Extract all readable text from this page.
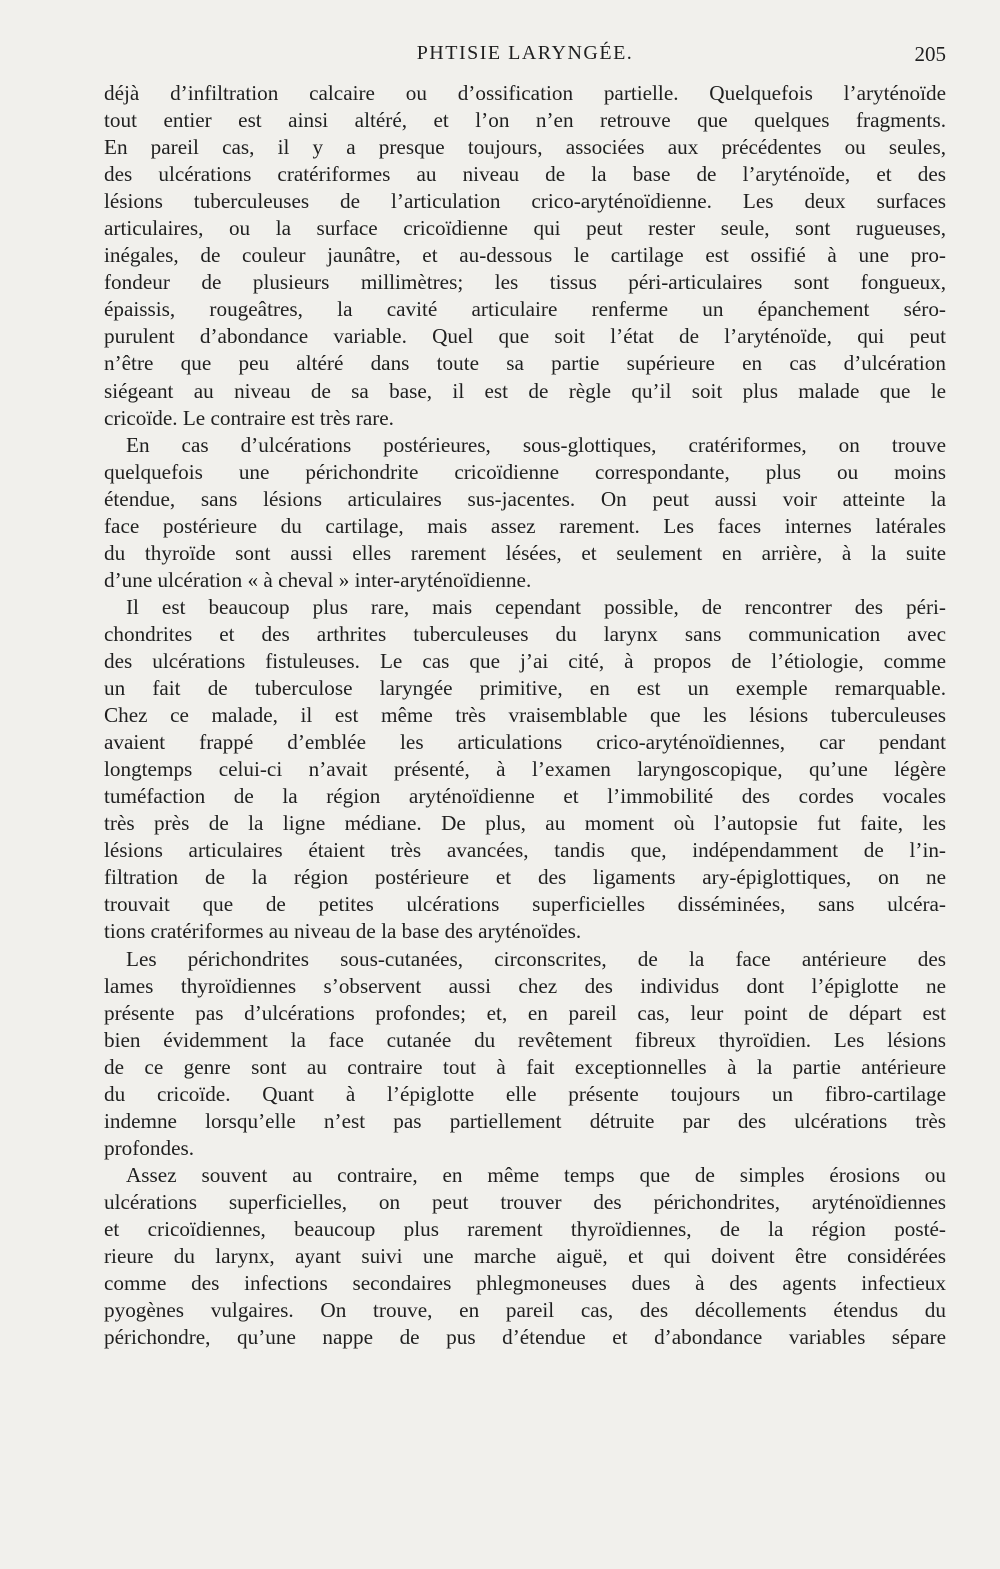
PHTISIE LARYNGÉE.	205
déjà d’infiltration calcaire ou d’ossification partielle. Quelquefois l’aryténoïde
tout entier est ainsi altéré, et l’on n’en retrouve que quelques fragments.
En pareil cas, il y a presque toujours, associées aux précédentes ou seules,
des ulcérations cratériformes au niveau de la base de l’aryténoïde, et des
lésions tuberculeuses de l’articulation crico-aryténoïdienne. Les deux surfaces
articulaires, ou la surface cricoïdienne qui peut rester seule, sont rugueuses,
inégales, de couleur jaunâtre, et au-dessous le cartilage est ossifié à une pro-
fondeur de plusieurs millimètres; les tissus péri-articulaires sont fongueux,
épaissis, rougeâtres, la cavité articulaire renferme un épanchement séro-
purulent d’abondance variable. Quel que soit l’état de l’aryténoïde, qui peut
n’être que peu altéré dans toute sa partie supérieure en cas d’ulcération
siégeant au niveau de sa base, il est de règle qu’il soit plus malade que le
cricoïde. Le contraire est très rare.
En cas d’ulcérations postérieures, sous-glottiques, cratériformes, on trouve
quelquefois une périchondrite cricoïdienne correspondante, plus ou moins
étendue, sans lésions articulaires sus-jacentes. On peut aussi voir atteinte la
face postérieure du cartilage, mais assez rarement. Les faces internes latérales
du thyroïde sont aussi elles rarement lésées, et seulement en arrière, à la suite
d’une ulcération « à cheval » inter-aryténoïdienne.
Il est beaucoup plus rare, mais cependant possible, de rencontrer des péri-
chondrites et des arthrites tuberculeuses du larynx sans communication avec
des ulcérations fistuleuses. Le cas que j’ai cité, à propos de l’étiologie, comme
un fait de tuberculose laryngée primitive, en est un exemple remarquable.
Chez ce malade, il est même très vraisemblable que les lésions tuberculeuses
avaient frappé d’emblée les articulations crico-aryténoïdiennes, car pendant
longtemps celui-ci n’avait présenté, à l’examen laryngoscopique, qu’une légère
tuméfaction de la région aryténoïdienne et l’immobilité des cordes vocales
très près de la ligne médiane. De plus, au moment où l’autopsie fut faite, les
lésions articulaires étaient très avancées, tandis que, indépendamment de l’in-
filtration de la région postérieure et des ligaments ary-épiglottiques, on ne
trouvait que de petites ulcérations superficielles disséminées, sans ulcéra-
tions cratériformes au niveau de la base des aryténoïdes.
Les périchondrites sous-cutanées, circonscrites, de la face antérieure des
lames thyroïdiennes s’observent aussi chez des individus dont l’épiglotte ne
présente pas d’ulcérations profondes; et, en pareil cas, leur point de départ est
bien évidemment la face cutanée du revêtement fibreux thyroïdien. Les lésions
de ce genre sont au contraire tout à fait exceptionnelles à la partie antérieure
du cricoïde. Quant à l’épiglotte elle présente toujours un fibro-cartilage
indemne lorsqu’elle n’est pas partiellement détruite par des ulcérations très
profondes.
Assez souvent au contraire, en même temps que de simples érosions ou
ulcérations superficielles, on peut trouver des périchondrites, aryténoïdiennes
et cricoïdiennes, beaucoup plus rarement thyroïdiennes, de la région posté-
rieure du larynx, ayant suivi une marche aiguë, et qui doivent être considérées
comme des infections secondaires phlegmoneuses dues à des agents infectieux
pyogènes vulgaires. On trouve, en pareil cas, des décollements étendus du
périchondre, qu’une nappe de pus d’étendue et d’abondance variables sépare
